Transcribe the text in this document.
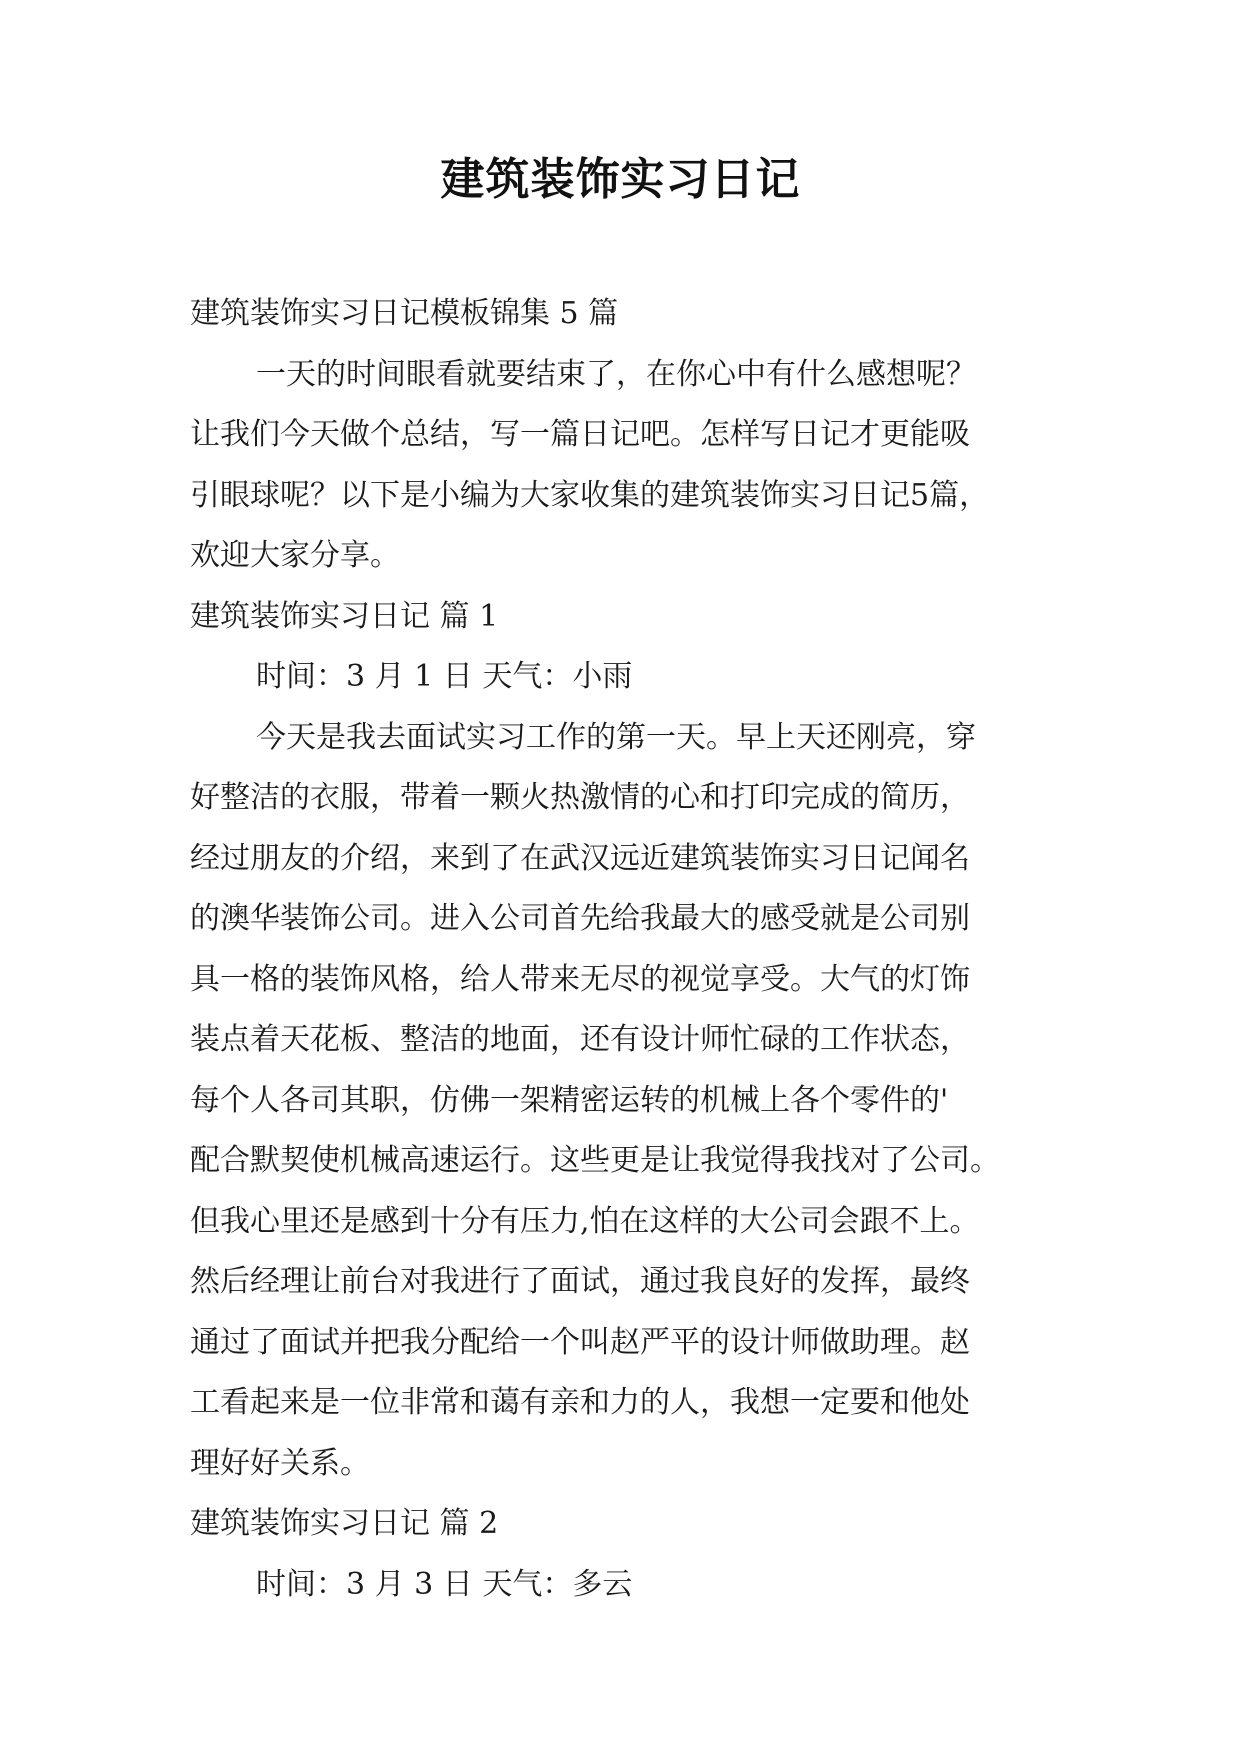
建筑装饰实习日记
建筑装饰实习日记模板锦集 5 篇
一天的时间眼看就要结束了，在你心中有什么感想呢？
让我们今天做个总结，写一篇日记吧。怎样写日记才更能吸
引眼球呢？以下是小编为大家收集的建筑装饰实习日记5篇，
欢迎大家分享。
建筑装饰实习日记 篇 1
时间：3 月 1 日 天气：小雨
今天是我去面试实习工作的第一天。早上天还刚亮，穿
好整洁的衣服，带着一颗火热激情的心和打印完成的简历，
经过朋友的介绍，来到了在武汉远近建筑装饰实习日记闻名
的澳华装饰公司。进入公司首先给我最大的感受就是公司别
具一格的装饰风格，给人带来无尽的视觉享受。大气的灯饰
装点着天花板、整洁的地面，还有设计师忙碌的工作状态，
每个人各司其职，仿佛一架精密运转的机械上各个零件的'
配合默契使机械高速运行。这些更是让我觉得我找对了公司。
但我心里还是感到十分有压力,怕在这样的大公司会跟不上。
然后经理让前台对我进行了面试，通过我良好的发挥，最终
通过了面试并把我分配给一个叫赵严平的设计师做助理。赵
工看起来是一位非常和蔼有亲和力的人，我想一定要和他处
理好好关系。
建筑装饰实习日记 篇 2
时间：3 月 3 日 天气：多云
